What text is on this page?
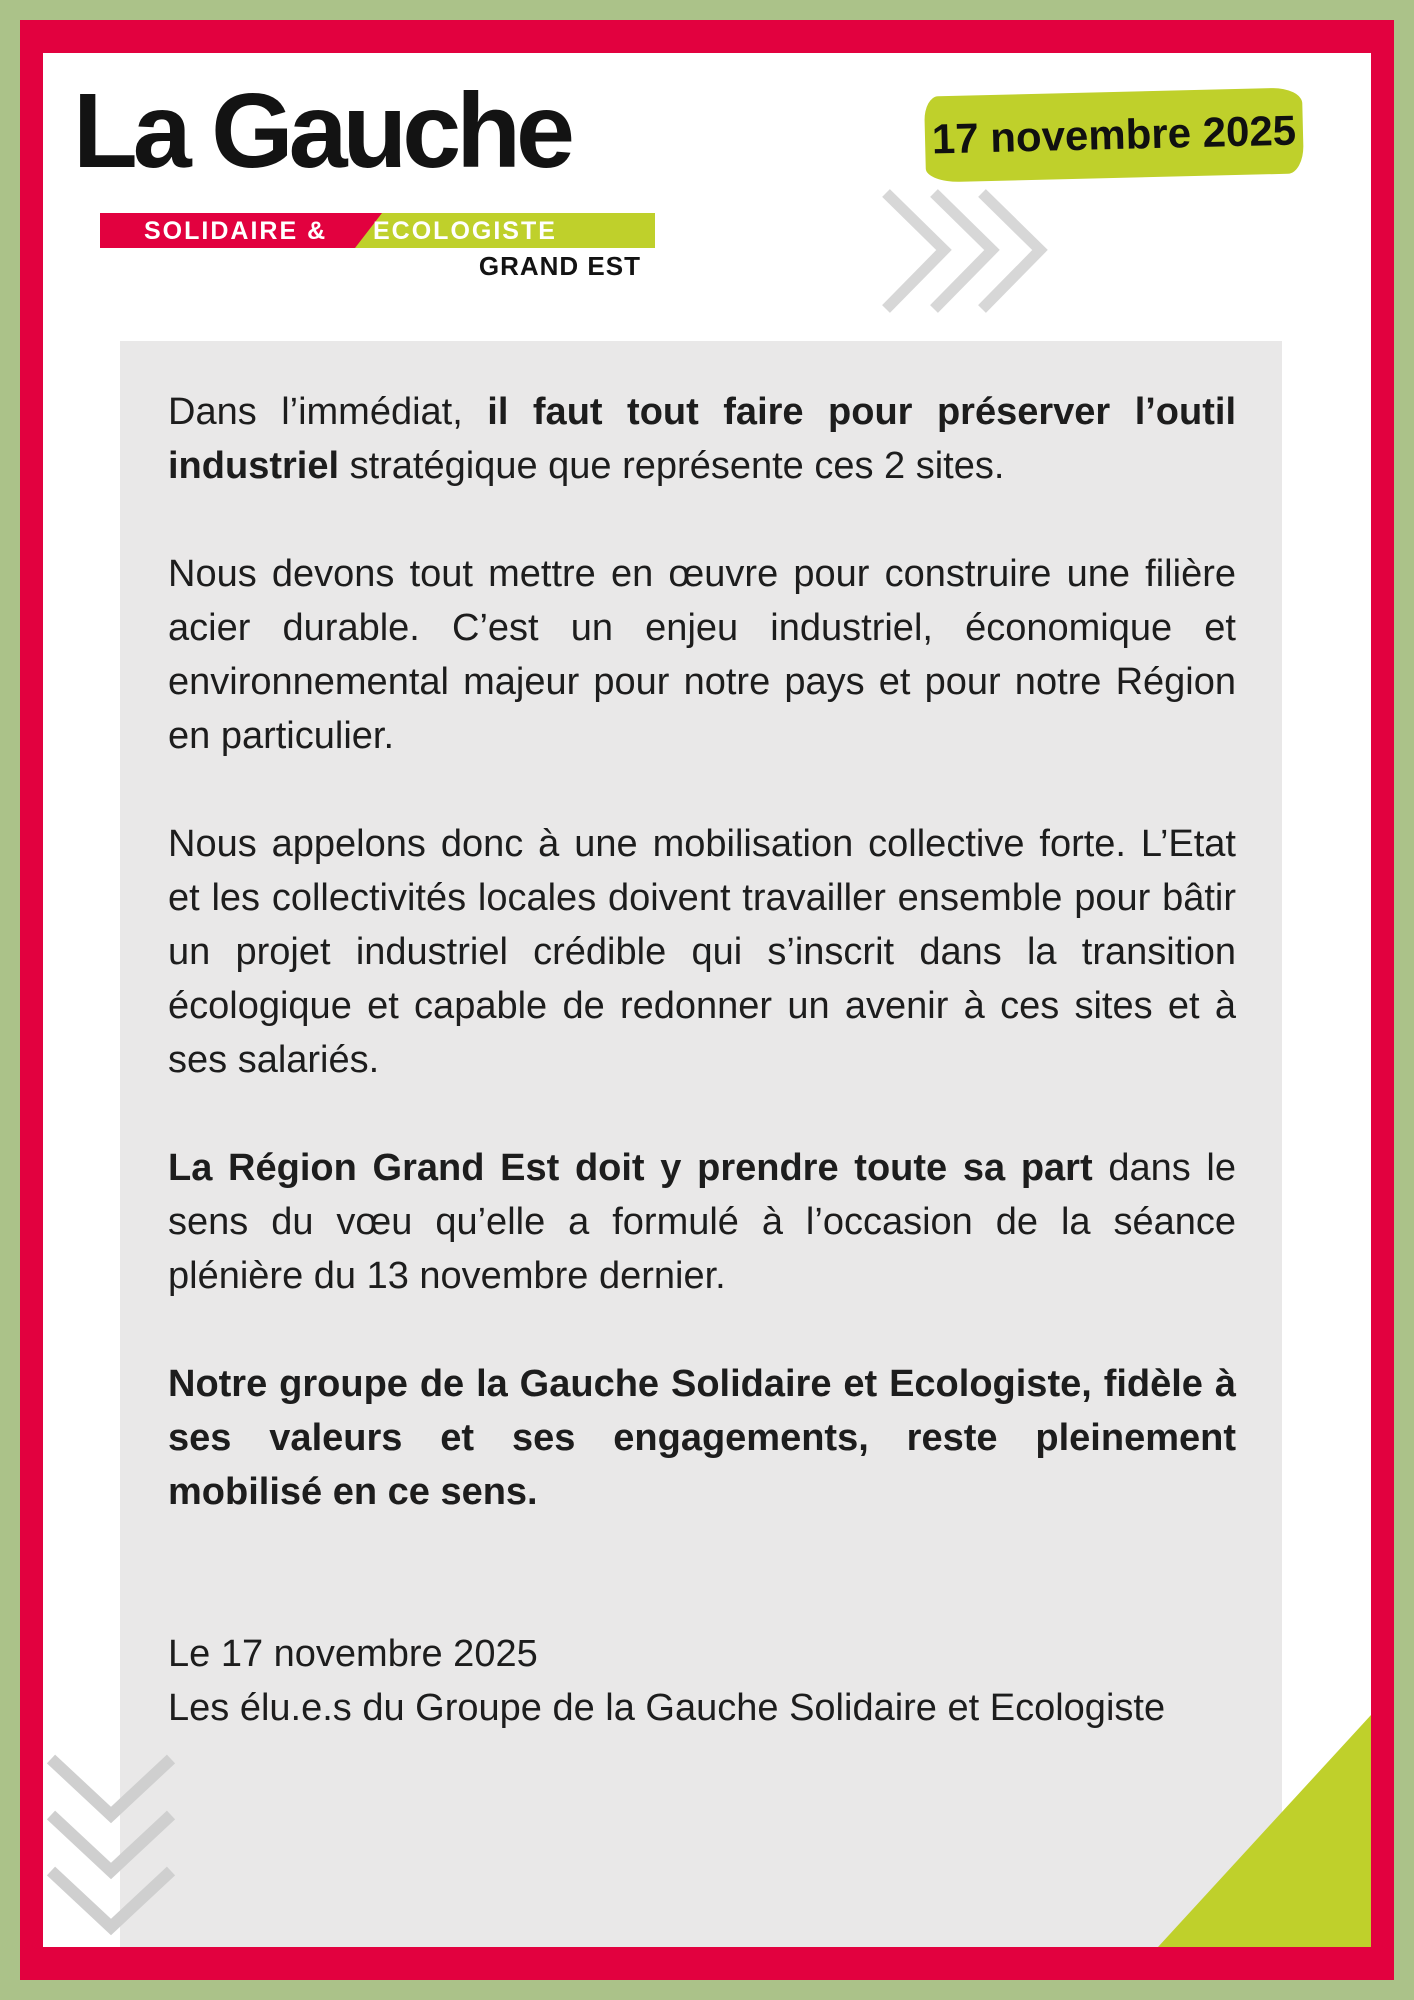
La Gauche
SOLIDAIRE & ECOLOGISTE
GRAND EST
17 novembre 2025

Dans l’immédiat, il faut tout faire pour préserver l’outil industriel stratégique que représente ces 2 sites.

Nous devons tout mettre en œuvre pour construire une filière acier durable. C’est un enjeu industriel, économique et environnemental majeur pour notre pays et pour notre Région en particulier.

Nous appelons donc à une mobilisation collective forte. L’Etat et les collectivités locales doivent travailler ensemble pour bâtir un projet industriel crédible qui s’inscrit dans la transition écologique et capable de redonner un avenir à ces sites et à ses salariés.

La Région Grand Est doit y prendre toute sa part dans le sens du vœu qu’elle a formulé à l’occasion de la séance plénière du 13 novembre dernier.

Notre groupe de la Gauche Solidaire et Ecologiste, fidèle à ses valeurs et ses engagements, reste pleinement mobilisé en ce sens.

Le 17 novembre 2025
Les élu.e.s du Groupe de la Gauche Solidaire et Ecologiste
